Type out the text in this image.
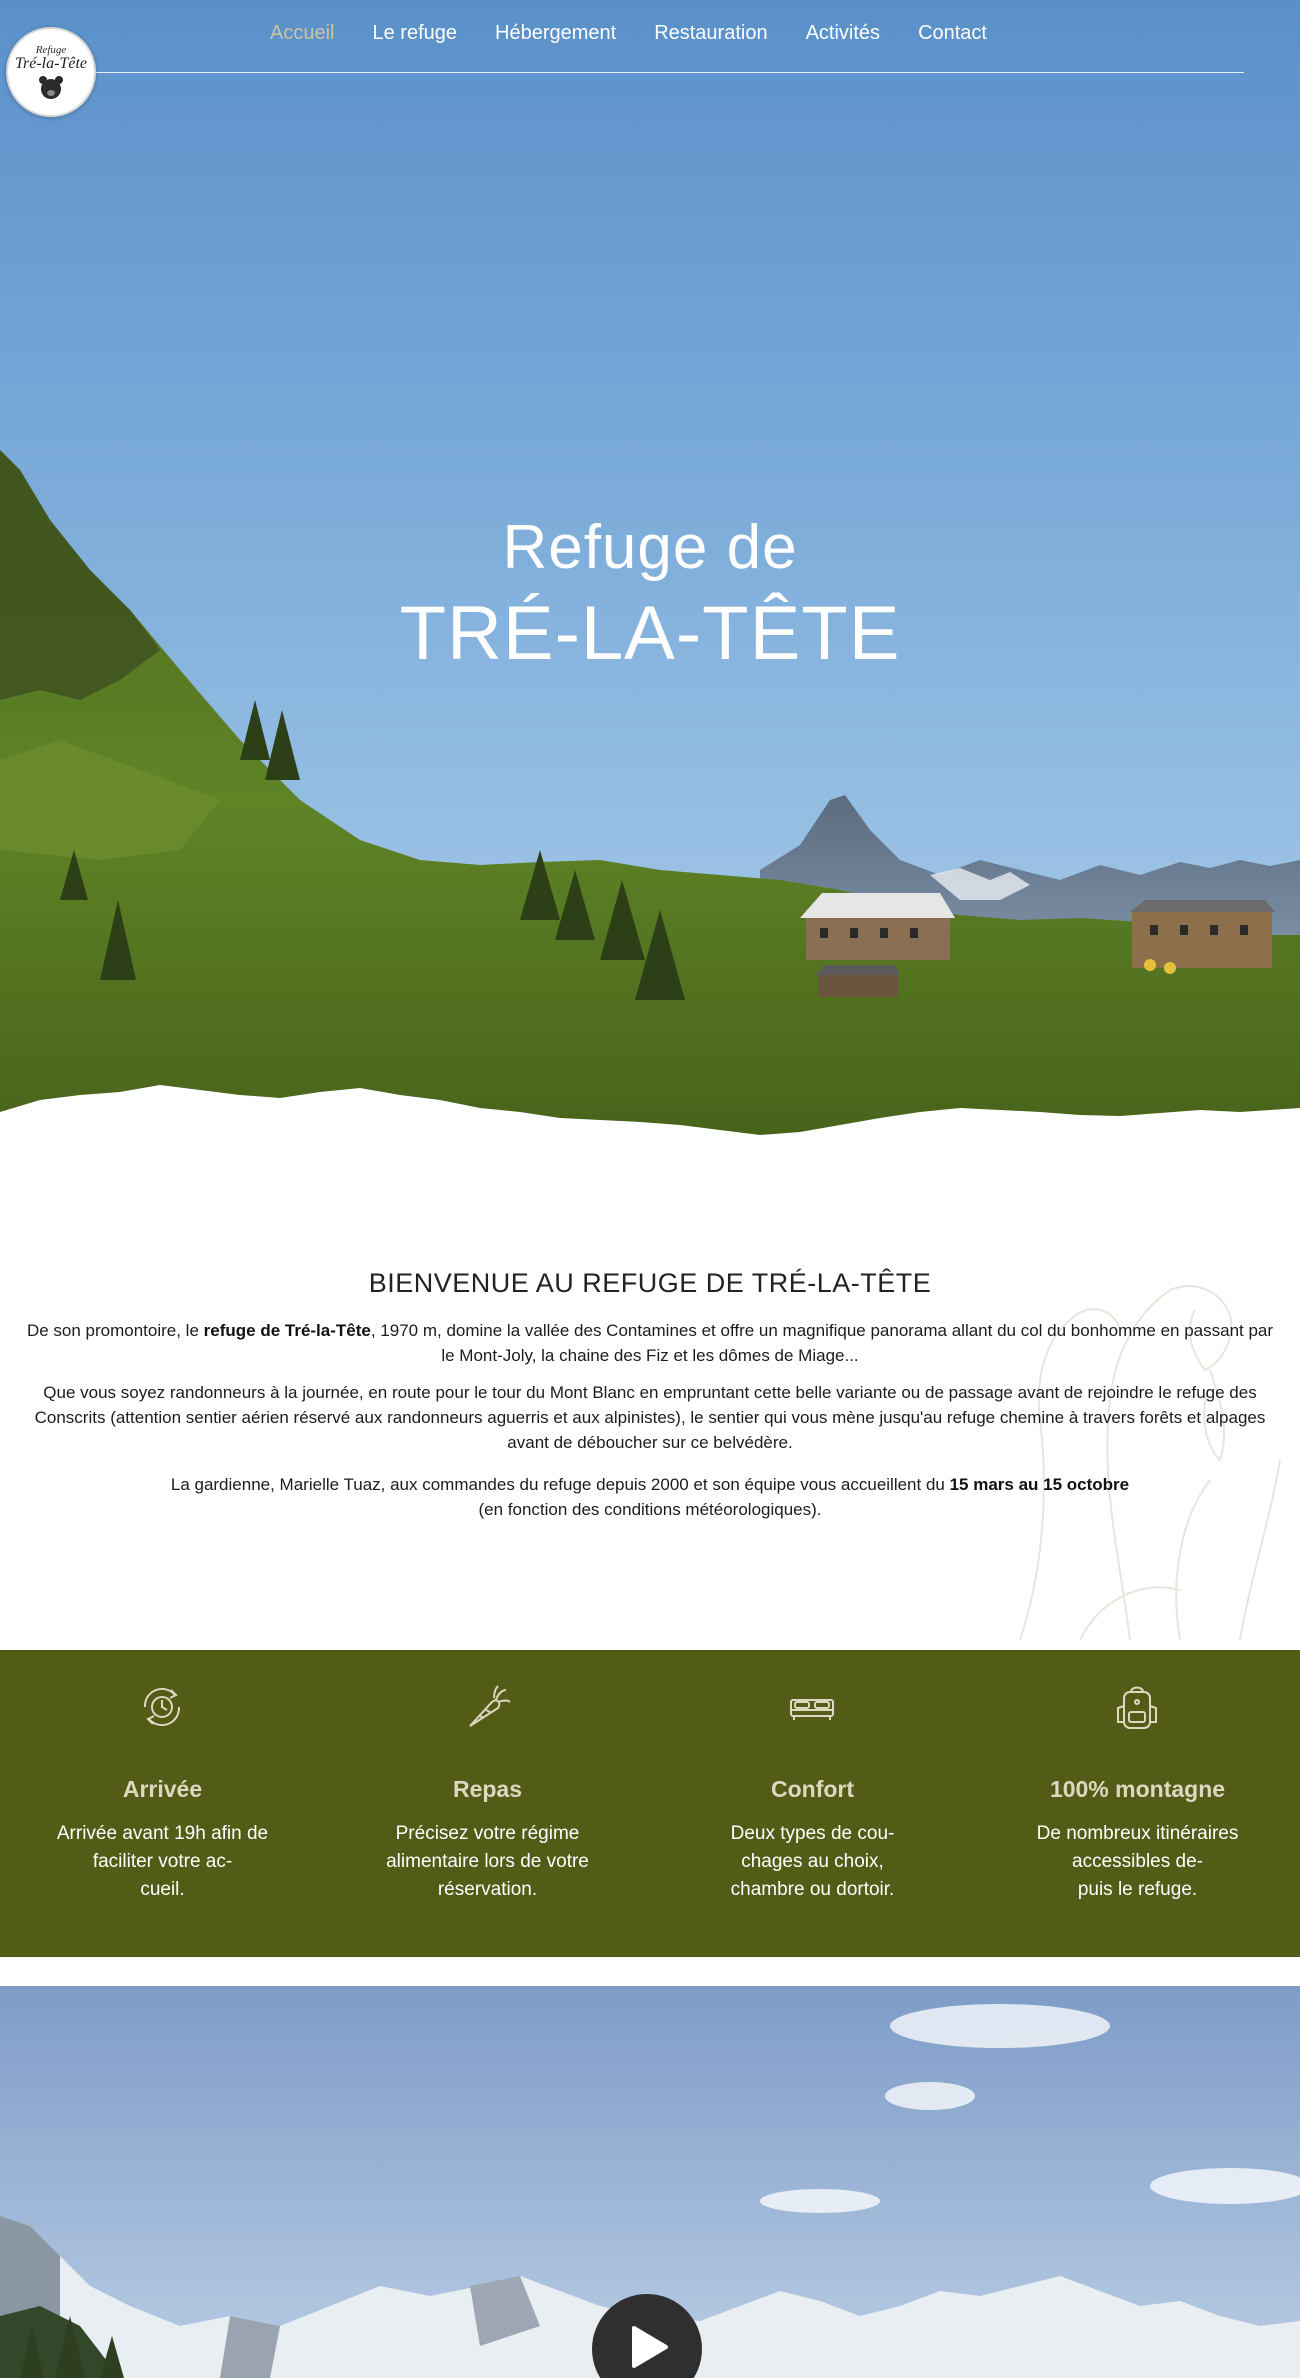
Accueil Le refuge Hébergement Restauration Activités Contact
Refuge
Tré-la-Tête
Refuge de
TRÉ-LA-TÊTE
BIENVENUE AU REFUGE DE TRÉ-LA-TÊTE

De son promontoire, le refuge de Tré-la-Tête, 1970 m, domine la vallée des Contamines et offre un magnifique panorama allant du col du bonhomme en passant par le Mont-Joly, la chaine des Fiz et les dômes de Miage...

Que vous soyez randonneurs à la journée, en route pour le tour du Mont Blanc en empruntant cette belle variante ou de passage avant de rejoindre le refuge des Conscrits (attention sentier aérien réservé aux randonneurs aguerris et aux alpinistes), le sentier qui vous mène jusqu'au refuge chemine à travers forêts et alpages avant de déboucher sur ce belvédère.

La gardienne, Marielle Tuaz, aux commandes du refuge depuis 2000 et son équipe vous accueillent du 15 mars au 15 octobre
(en fonction des conditions météorologiques).

Arrivée
Arrivée avant 19h afin de
faciliter votre ac-
cueil.
Repas
Précisez votre régime
alimentaire lors de votre
réservation.
Confort
Deux types de cou-
chages au choix,
chambre ou dortoir.
100% montagne
De nombreux itinéraires
accessibles de-
puis le refuge.
